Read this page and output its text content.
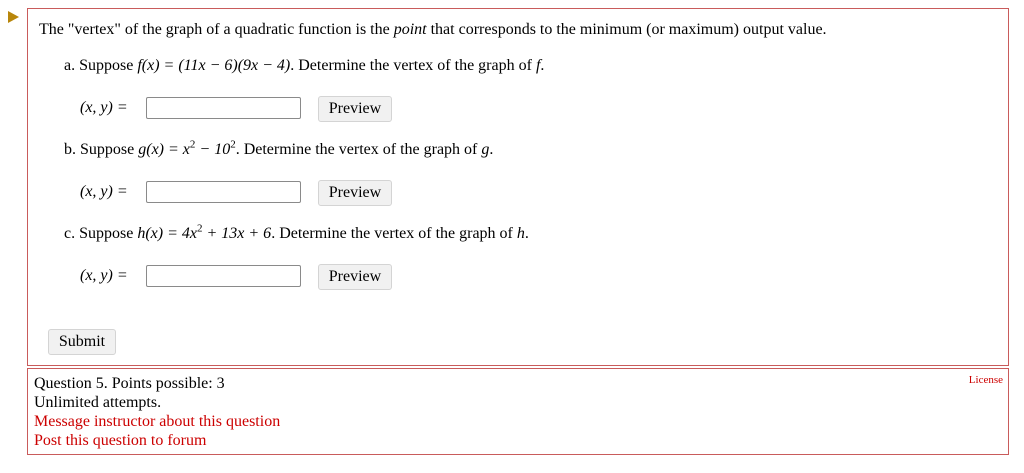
The "vertex" of the graph of a quadratic function is the point that corresponds to the minimum (or maximum) output value.
a. Suppose f(x) = (11x − 6)(9x − 4). Determine the vertex of the graph of f.
(x, y) =	Preview
b. Suppose $g(x) = x^2 - 10^2$. Determine the vertex of the graph of g.
(x, y) =	Preview
c. Suppose $h(x) = 4x^2 + 13x + 6$. Determine the vertex of the graph of h.
(x, y) =	Preview
Submit
Question 5. Points possible: 3
Unlimited attempts.
Message instructor about this question
Post this question to forum
License
